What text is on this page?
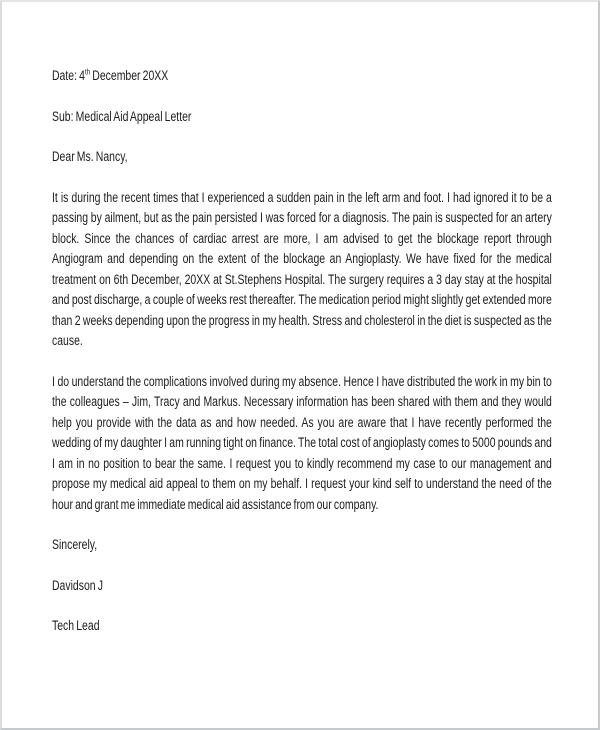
Date: 4th December 20XX

Sub: Medical Aid Appeal Letter

Dear Ms. Nancy,

It is during the recent times that I experienced a sudden pain in the left arm and foot. I had ignored it to be a passing by ailment, but as the pain persisted I was forced for a diagnosis. The pain is suspected for an artery block. Since the chances of cardiac arrest are more, I am advised to get the blockage report through Angiogram and depending on the extent of the blockage an Angioplasty. We have fixed for the medical treatment on 6th December, 20XX at St.Stephens Hospital. The surgery requires a 3 day stay at the hospital and post discharge, a couple of weeks rest thereafter. The medication period might slightly get extended more than 2 weeks depending upon the progress in my health. Stress and cholesterol in the diet is suspected as the cause.

I do understand the complications involved during my absence. Hence I have distributed the work in my bin to the colleagues – Jim, Tracy and Markus. Necessary information has been shared with them and they would help you provide with the data as and how needed. As you are aware that I have recently performed the wedding of my daughter I am running tight on finance. The total cost of angioplasty comes to 5000 pounds and I am in no position to bear the same. I request you to kindly recommend my case to our management and propose my medical aid appeal to them on my behalf. I request your kind self to understand the need of the hour and grant me immediate medical aid assistance from our company.

Sincerely,

Davidson J

Tech Lead
